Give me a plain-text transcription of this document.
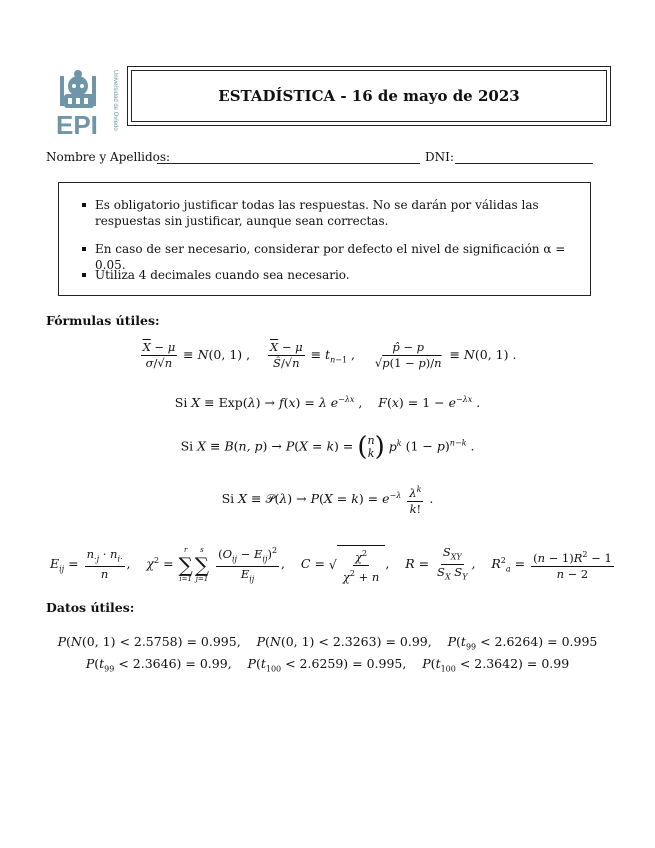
EPI Universidad de Oviedo	ESTADÍSTICA - 16 de mayo de 2023
Nombre y Apellidos:	DNI:
Es obligatorio justificar todas las respuestas. No se darán por válidas las respuestas sin justificar, aunque sean correctas.
En caso de ser necesario, considerar por defecto el nivel de significación α = 0.05.
Utiliza 4 decimales cuando sea necesario.
Fórmulas útiles:
$\frac{\overline{X} - \mu}{\sigma/√n} \equiv N(0$, 1) , $\frac{\overline{X} - \mu}{Ŝ/√n} \equiv t_{n-1}$ , $\frac{p̂ - p}{√p(1 - p)/n} \equiv N(0$, 1) .
Si X ≡ Exp(λ) → f(x) = λ $e^{-\lambda x}$ ,    $F(x) = 1 - e^{-\lambda x}$ .
Si X ≡ B(n, p) → P(X = k) = ( n
k ) $p^k$ $(1 - p)^{n-k}$ .
Si X ≡ 𝒫(λ) → $P(X = k) = e^{-\lambda} \frac{\lambda^k}{k!}$ .
$E_{ij} = \frac{n_{\cdot j} \cdot n_{i\cdot}}{n}$ ,    $\chi^2$ =
r
∑
i=1
s
∑
j=1
$\frac{(O_{ij} - E_{ij})^2}{E_{ij}}$ ,    C = √ $\frac{\chi^2}{\chi^2 + n}$ ,    $R = \frac{S_{XY}}{S_X S_Y}$ ,    $R^2_a = \frac{(n - 1)R^2 - 1}{n - 2}$
Datos útiles:
P(N(0, 1) < 2.5758) = 0.995,    P(N(0, 1) < 2.3263) = 0.99,    $P(t_{99} < 2.6264) = 0.995$
$P(t_{99} < 2.3646) = 0.99$,    $P(t_{100} < 2.6259) = 0.995$,    $P(t_{100} < 2.3642) = 0.99$
